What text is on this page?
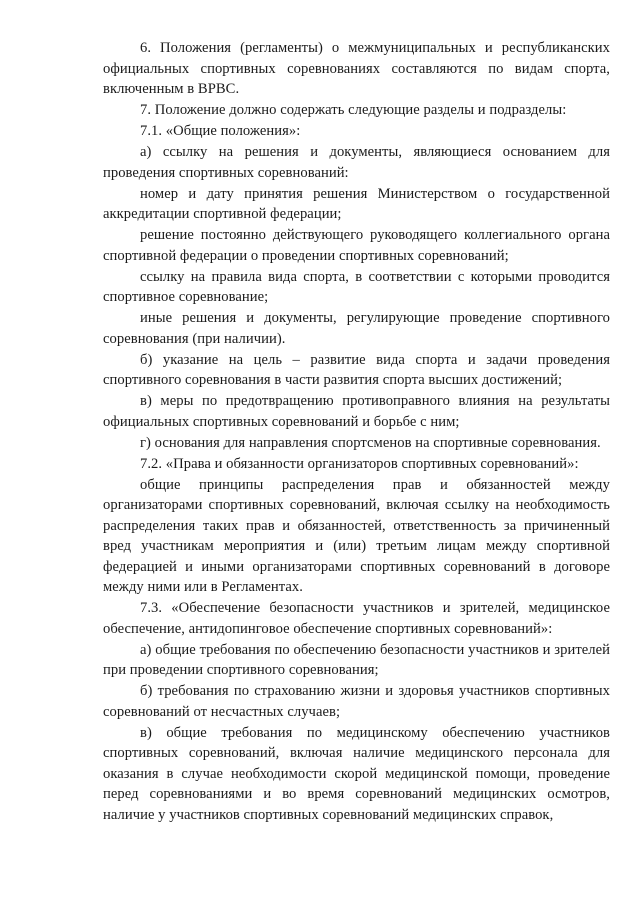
6. Положения (регламенты) о межмуниципальных и республиканских официальных спортивных соревнованиях составляются по видам спорта, включенным в ВРВС.

7. Положение должно содержать следующие разделы и подразделы:

7.1. «Общие положения»:

а) ссылку на решения и документы, являющиеся основанием для проведения спортивных соревнований:

номер и дату принятия решения Министерством о государственной аккредитации спортивной федерации;

решение постоянно действующего руководящего коллегиального органа спортивной федерации о проведении спортивных соревнований;

ссылку на правила вида спорта, в соответствии с которыми проводится спортивное соревнование;

иные решения и документы, регулирующие проведение спортивного соревнования (при наличии).

б) указание на цель – развитие вида спорта и задачи проведения спортивного соревнования в части развития спорта высших достижений;

в) меры по предотвращению противоправного влияния на результаты официальных спортивных соревнований и борьбе с ним;

г) основания для направления спортсменов на спортивные соревнования.

7.2. «Права и обязанности организаторов спортивных соревнований»:

общие принципы распределения прав и обязанностей между организаторами спортивных соревнований, включая ссылку на необходимость распределения таких прав и обязанностей, ответственность за причиненный вред участникам мероприятия и (или) третьим лицам между спортивной федерацией и иными организаторами спортивных соревнований в договоре между ними или в Регламентах.

7.3. «Обеспечение безопасности участников и зрителей, медицинское обеспечение, антидопинговое обеспечение спортивных соревнований»:

а) общие требования по обеспечению безопасности участников и зрителей при проведении спортивного соревнования;

б) требования по страхованию жизни и здоровья участников спортивных соревнований от несчастных случаев;

в) общие требования по медицинскому обеспечению участников спортивных соревнований, включая наличие медицинского персонала для оказания в случае необходимости скорой медицинской помощи, проведение перед соревнованиями и во время соревнований медицинских осмотров, наличие у участников спортивных соревнований медицинских справок,
